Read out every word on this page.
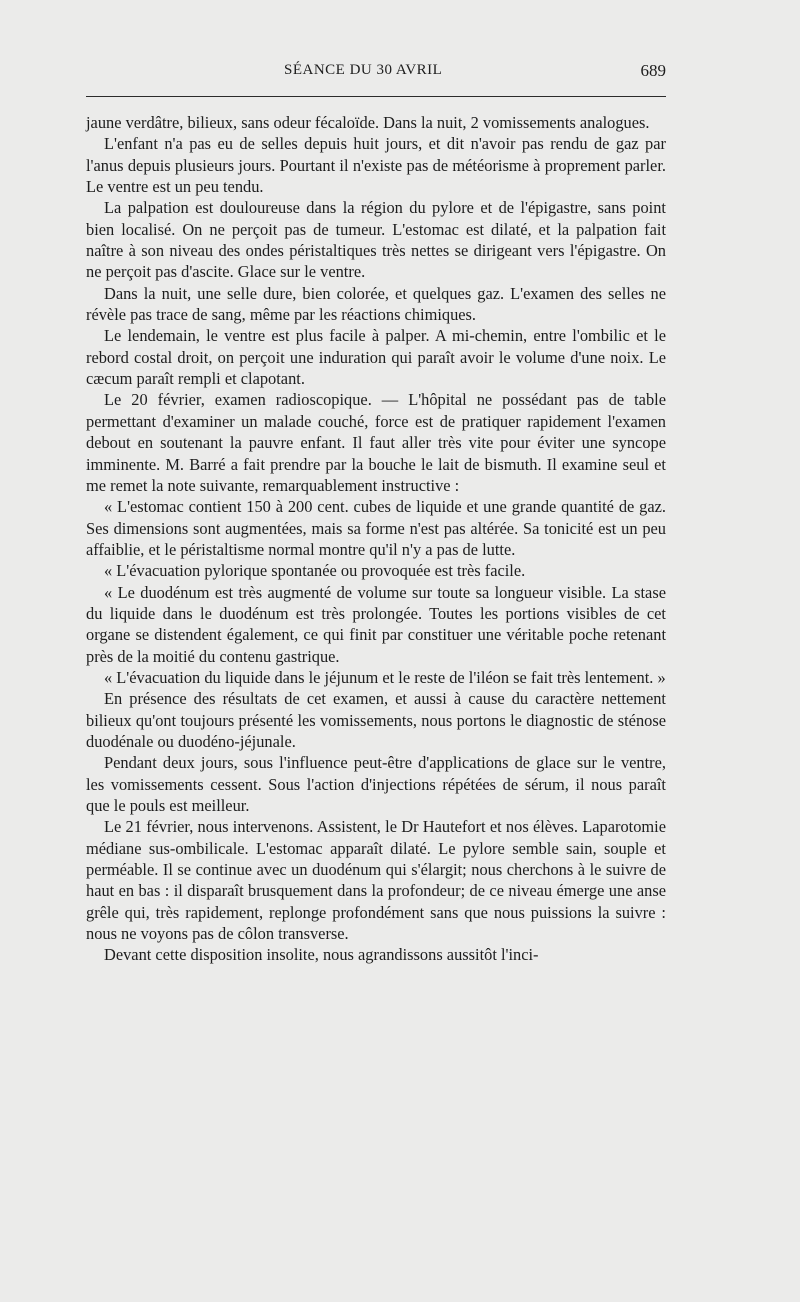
SÉANCE DU 30 AVRIL	689

jaune verdâtre, bilieux, sans odeur fécaloïde. Dans la nuit, 2 vomissements analogues.

L'enfant n'a pas eu de selles depuis huit jours, et dit n'avoir pas rendu de gaz par l'anus depuis plusieurs jours. Pourtant il n'existe pas de météorisme à proprement parler. Le ventre est un peu tendu.

La palpation est douloureuse dans la région du pylore et de l'épigastre, sans point bien localisé. On ne perçoit pas de tumeur. L'estomac est dilaté, et la palpation fait naître à son niveau des ondes péristaltiques très nettes se dirigeant vers l'épigastre. On ne perçoit pas d'ascite. Glace sur le ventre.

Dans la nuit, une selle dure, bien colorée, et quelques gaz. L'examen des selles ne révèle pas trace de sang, même par les réactions chimiques.

Le lendemain, le ventre est plus facile à palper. A mi-chemin, entre l'ombilic et le rebord costal droit, on perçoit une induration qui paraît avoir le volume d'une noix. Le cæcum paraît rempli et clapotant.

Le 20 février, examen radioscopique. — L'hôpital ne possédant pas de table permettant d'examiner un malade couché, force est de pratiquer rapidement l'examen debout en soutenant la pauvre enfant. Il faut aller très vite pour éviter une syncope imminente. M. Barré a fait prendre par la bouche le lait de bismuth. Il examine seul et me remet la note suivante, remarquablement instructive :

« L'estomac contient 150 à 200 cent. cubes de liquide et une grande quantité de gaz. Ses dimensions sont augmentées, mais sa forme n'est pas altérée. Sa tonicité est un peu affaiblie, et le péristaltisme normal montre qu'il n'y a pas de lutte.

« L'évacuation pylorique spontanée ou provoquée est très facile.

« Le duodénum est très augmenté de volume sur toute sa longueur visible. La stase du liquide dans le duodénum est très prolongée. Toutes les portions visibles de cet organe se distendent également, ce qui finit par constituer une véritable poche retenant près de la moitié du contenu gastrique.

« L'évacuation du liquide dans le jéjunum et le reste de l'iléon se fait très lentement. »

En présence des résultats de cet examen, et aussi à cause du caractère nettement bilieux qu'ont toujours présenté les vomissements, nous portons le diagnostic de sténose duodénale ou duodéno-jéjunale.

Pendant deux jours, sous l'influence peut-être d'applications de glace sur le ventre, les vomissements cessent. Sous l'action d'injections répétées de sérum, il nous paraît que le pouls est meilleur.

Le 21 février, nous intervenons. Assistent, le Dr Hautefort et nos élèves. Laparotomie médiane sus-ombilicale. L'estomac apparaît dilaté. Le pylore semble sain, souple et perméable. Il se continue avec un duodénum qui s'élargit; nous cherchons à le suivre de haut en bas : il disparaît brusquement dans la profondeur; de ce niveau émerge une anse grêle qui, très rapidement, replonge profondément sans que nous puissions la suivre : nous ne voyons pas de côlon transverse.

Devant cette disposition insolite, nous agrandissons aussitôt l'inci-
